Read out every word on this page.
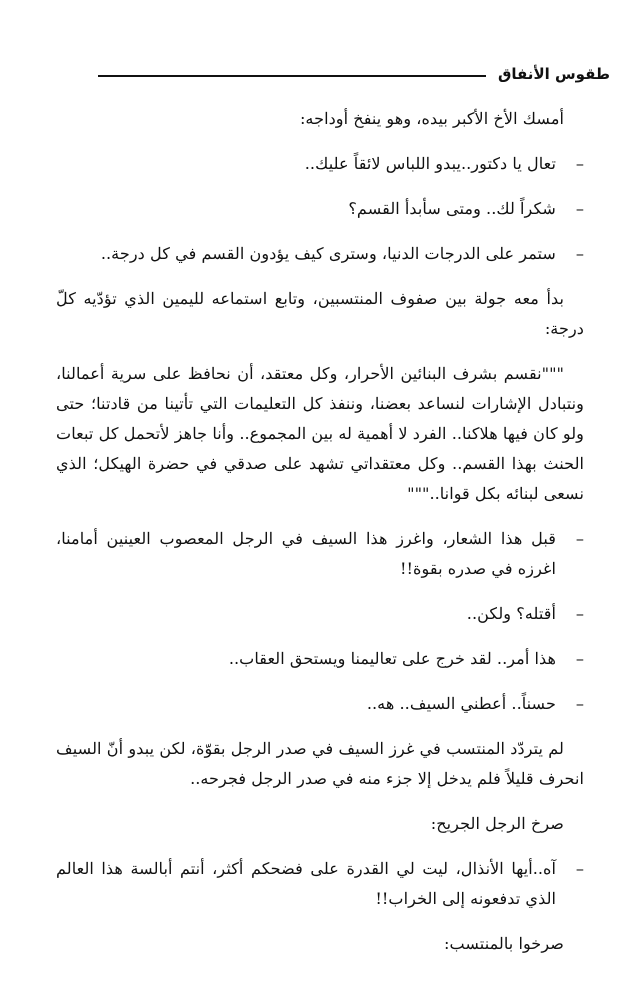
طقوس الأنفاق

أمسك الأخ الأكبر بيده، وهو ينفخ أوداجه:

–
تعال يا دكتور..يبدو اللباس لائقاً عليك..
–
شكراً لك.. ومتى سأبدأ القسم؟
–
ستمر على الدرجات الدنيا، وسترى كيف يؤدون القسم في كل درجة..

بدأ معه جولة بين صفوف المنتسبين، وتابع استماعه لليمين الذي تؤدّيه كلّ درجة:

"""نقسم بشرف البنائين الأحرار، وكل معتقد، أن نحافظ على سرية أعمالنا، ونتبادل الإشارات لنساعد بعضنا، وننفذ كل التعليمات التي تأتينا من قادتنا؛ حتى ولو كان فيها هلاكنا.. الفرد لا أهمية له بين المجموع.. وأنا جاهز لأتحمل كل تبعات الحنث بهذا القسم.. وكل معتقداتي تشهد على صدقي في حضرة الهيكل؛ الذي نسعى لبنائه بكل قوانا.."""

–
قبل هذا الشعار، واغرز هذا السيف في الرجل المعصوب العينين أمامنا، اغرزه في صدره بقوة!!
–
أقتله؟ ولكن..
–
هذا أمر.. لقد خرج على تعاليمنا ويستحق العقاب..
–
حسناً.. أعطني السيف.. هه..

لم يتردّد المنتسب في غرز السيف في صدر الرجل بقوّة، لكن يبدو أنّ السيف انحرف قليلاً فلم يدخل إلا جزء منه في صدر الرجل فجرحه..

صرخ الرجل الجريح:

–
آه..أيها الأنذال، ليت لي القدرة على فضحكم أكثر، أنتم أبالسة هذا العالم الذي تدفعونه إلى الخراب!!

صرخوا بالمنتسب:
